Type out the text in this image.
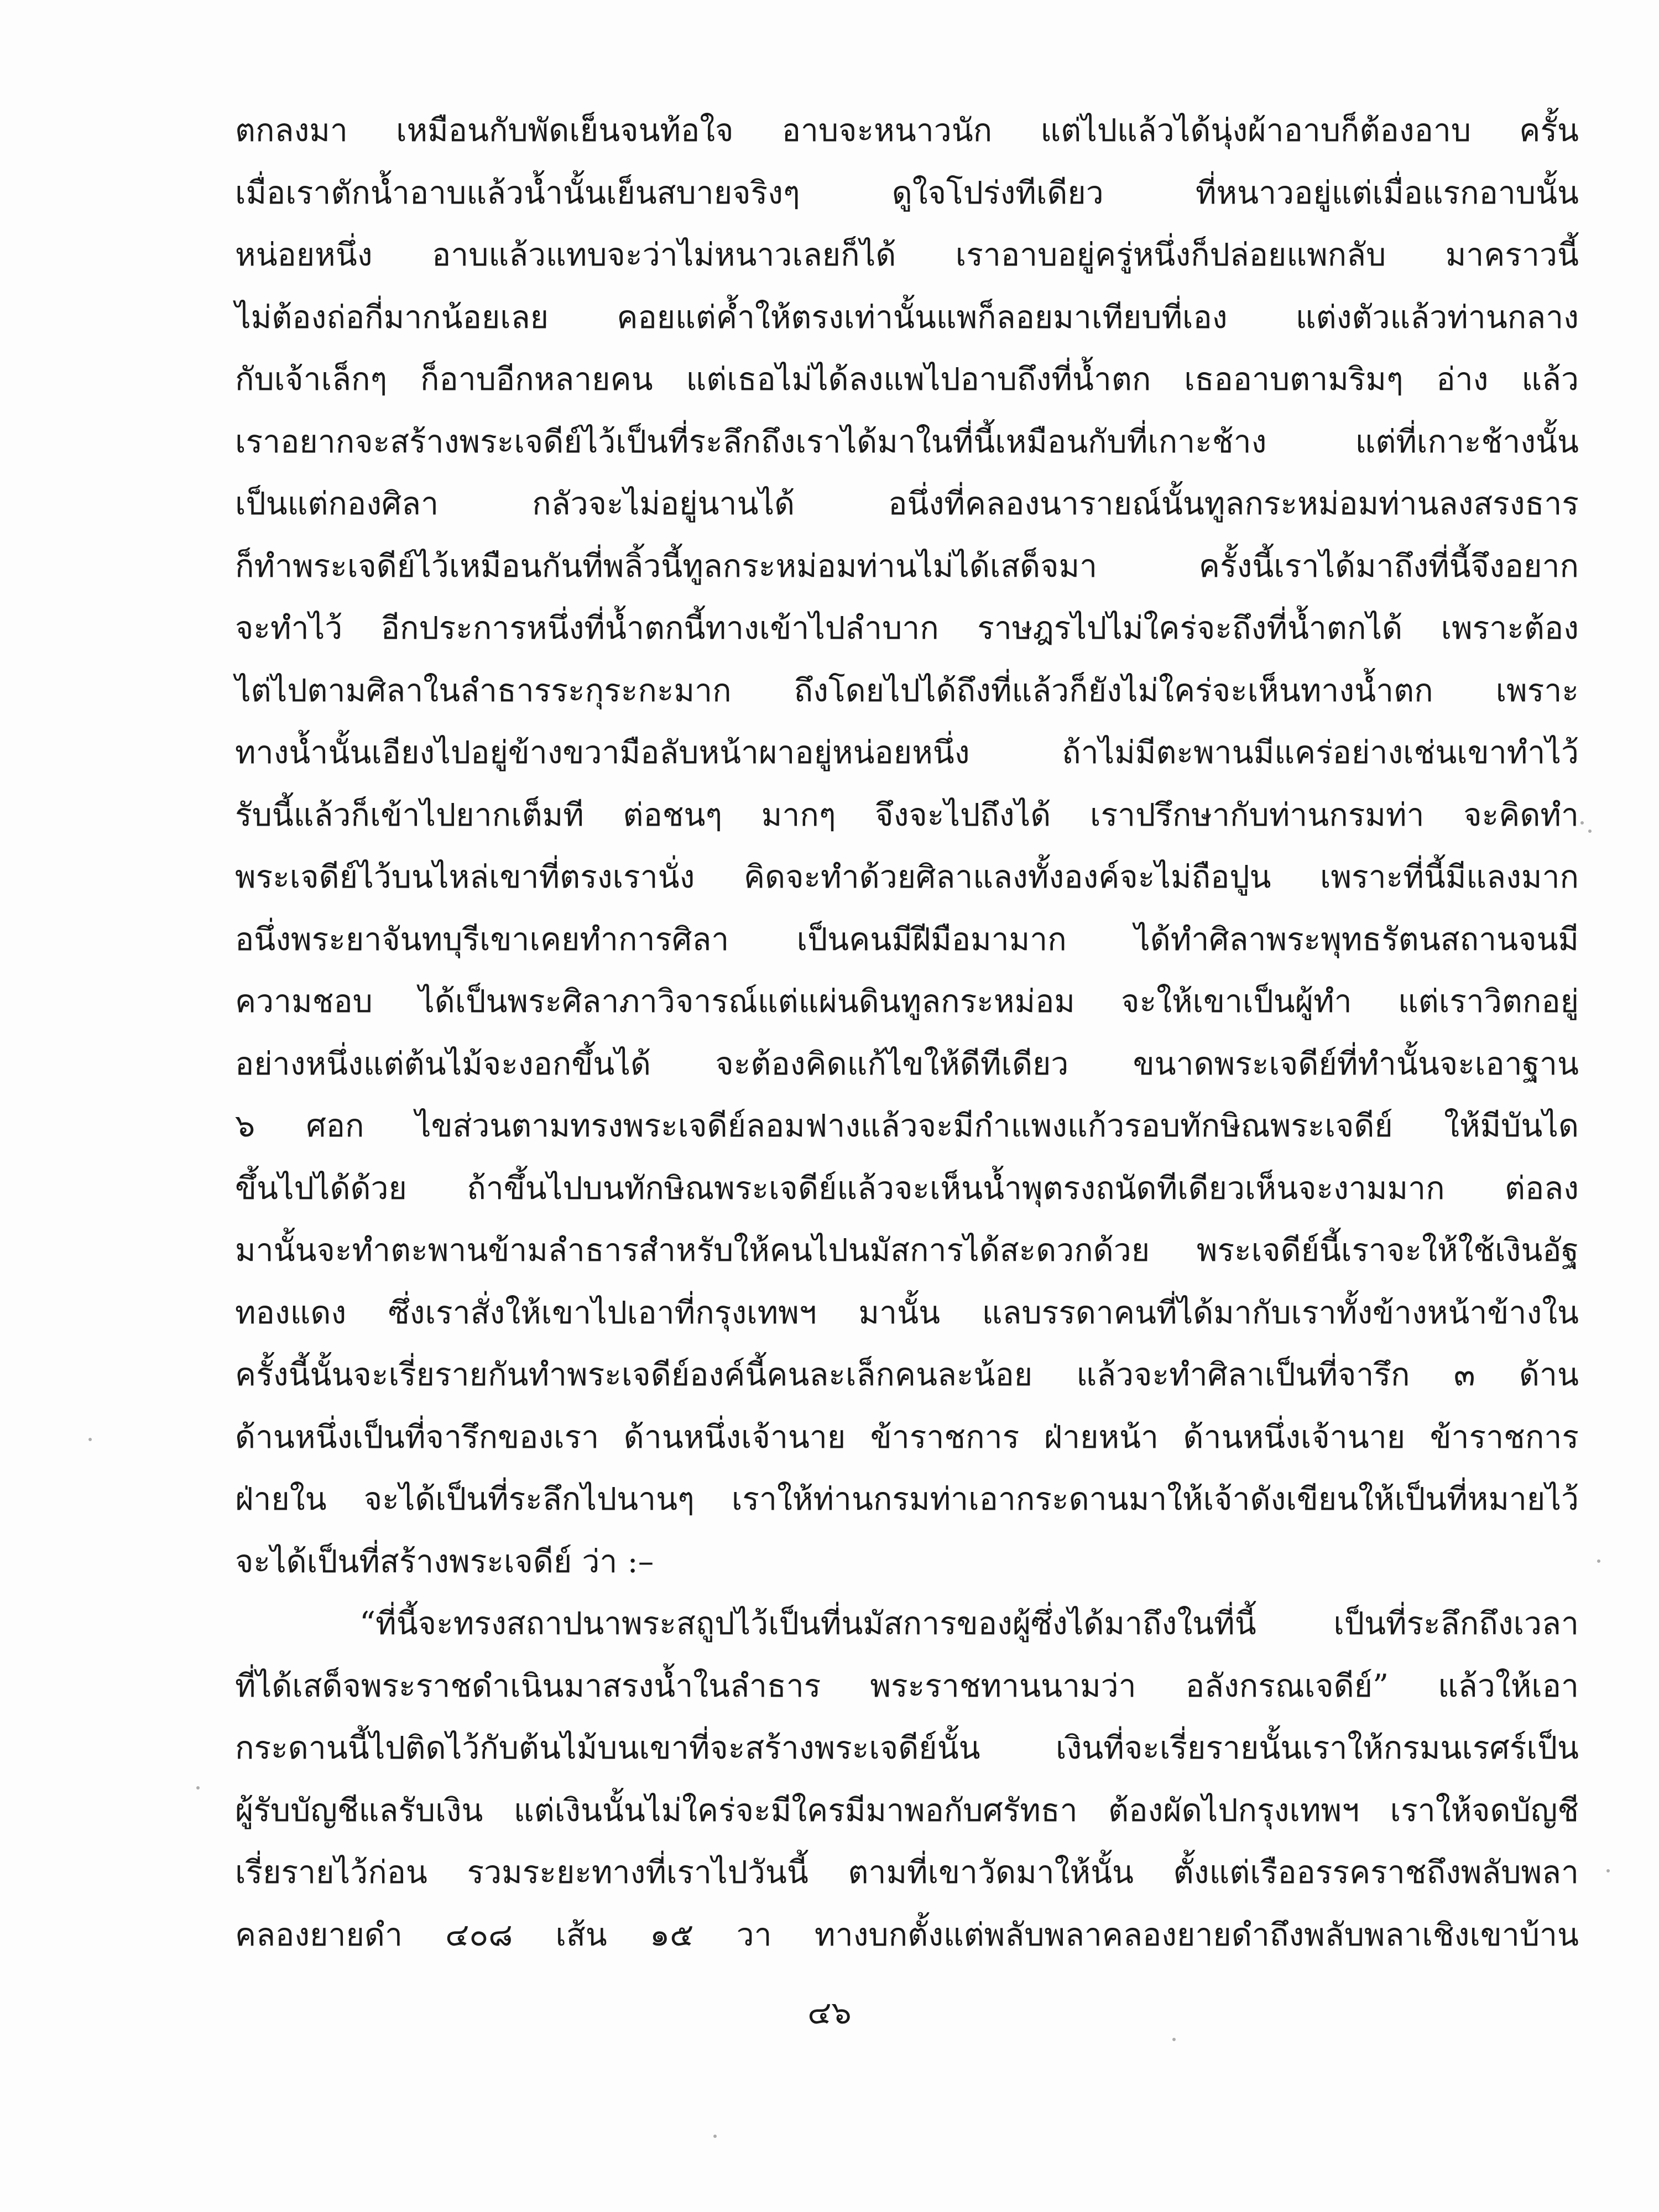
ตกลงมา เหมือนกับพัดเย็นจนท้อใจ อาบจะหนาวนัก แต่ไปแล้วได้นุ่งผ้าอาบก็ต้องอาบ ครั้น
เมื่อเราตักน้ำอาบแล้วน้ำนั้นเย็นสบายจริงๆ ดูใจโปร่งทีเดียว ที่หนาวอยู่แต่เมื่อแรกอาบนั้น
หน่อยหนึ่ง อาบแล้วแทบจะว่าไม่หนาวเลยก็ได้ เราอาบอยู่ครู่หนึ่งก็ปล่อยแพกลับ มาคราวนี้
ไม่ต้องถ่อกี่มากน้อยเลย คอยแต่ค้ำให้ตรงเท่านั้นแพก็ลอยมาเทียบที่เอง แต่งตัวแล้วท่านกลาง
กับเจ้าเล็กๆ ก็อาบอีกหลายคน แต่เธอไม่ได้ลงแพไปอาบถึงที่น้ำตก เธออาบตามริมๆ อ่าง แล้ว
เราอยากจะสร้างพระเจดีย์ไว้เป็นที่ระลึกถึงเราได้มาในที่นี้เหมือนกับที่เกาะช้าง แต่ที่เกาะช้างนั้น
เป็นแต่กองศิลา กลัวจะไม่อยู่นานได้ อนึ่งที่คลองนารายณ์นั้นทูลกระหม่อมท่านลงสรงธาร
ก็ทำพระเจดีย์ไว้เหมือนกันที่พลิ้วนี้ทูลกระหม่อมท่านไม่ได้เสด็จมา ครั้งนี้เราได้มาถึงที่นี้จึงอยาก
จะทำไว้ อีกประการหนึ่งที่น้ำตกนี้ทางเข้าไปลำบาก ราษฎรไปไม่ใคร่จะถึงที่น้ำตกได้ เพราะต้อง
ไต่ไปตามศิลาในลำธารระกุระกะมาก ถึงโดยไปได้ถึงที่แล้วก็ยังไม่ใคร่จะเห็นทางน้ำตก เพราะ
ทางน้ำนั้นเอียงไปอยู่ข้างขวามือลับหน้าผาอยู่หน่อยหนึ่ง ถ้าไม่มีตะพานมีแคร่อย่างเช่นเขาทำไว้
รับนี้แล้วก็เข้าไปยากเต็มที ต่อชนๆ มากๆ จึงจะไปถึงได้ เราปรึกษากับท่านกรมท่า จะคิดทำ
พระเจดีย์ไว้บนไหล่เขาที่ตรงเรานั่ง คิดจะทำด้วยศิลาแลงทั้งองค์จะไม่ถือปูน เพราะที่นี้มีแลงมาก
อนึ่งพระยาจันทบุรีเขาเคยทำการศิลา เป็นคนมีฝีมือมามาก ได้ทำศิลาพระพุทธรัตนสถานจนมี
ความชอบ ได้เป็นพระศิลาภาวิจารณ์แต่แผ่นดินทูลกระหม่อม จะให้เขาเป็นผู้ทำ แต่เราวิตกอยู่
อย่างหนึ่งแต่ต้นไม้จะงอกขึ้นได้ จะต้องคิดแก้ไขให้ดีทีเดียว ขนาดพระเจดีย์ที่ทำนั้นจะเอาฐาน
๖ ศอก ไขส่วนตามทรงพระเจดีย์ลอมฟางแล้วจะมีกำแพงแก้วรอบทักษิณพระเจดีย์ ให้มีบันได
ขึ้นไปได้ด้วย ถ้าขึ้นไปบนทักษิณพระเจดีย์แล้วจะเห็นน้ำพุตรงถนัดทีเดียวเห็นจะงามมาก ต่อลง
มานั้นจะทำตะพานข้ามลำธารสำหรับให้คนไปนมัสการได้สะดวกด้วย พระเจดีย์นี้เราจะให้ใช้เงินอัฐ
ทองแดง ซึ่งเราสั่งให้เขาไปเอาที่กรุงเทพฯ มานั้น แลบรรดาคนที่ได้มากับเราทั้งข้างหน้าข้างใน
ครั้งนี้นั้นจะเรี่ยรายกันทำพระเจดีย์องค์นี้คนละเล็กคนละน้อย แล้วจะทำศิลาเป็นที่จารึก ๓ ด้าน
ด้านหนึ่งเป็นที่จารึกของเรา ด้านหนึ่งเจ้านาย ข้าราชการ ฝ่ายหน้า ด้านหนึ่งเจ้านาย ข้าราชการ
ฝ่ายใน จะได้เป็นที่ระลึกไปนานๆ เราให้ท่านกรมท่าเอากระดานมาให้เจ้าดังเขียนให้เป็นที่หมายไว้
จะได้เป็นที่สร้างพระเจดีย์ ว่า :–
“ที่นี้จะทรงสถาปนาพระสถูปไว้เป็นที่นมัสการของผู้ซึ่งได้มาถึงในที่นี้ เป็นที่ระลึกถึงเวลา
ที่ได้เสด็จพระราชดำเนินมาสรงน้ำในลำธาร พระราชทานนามว่า อลังกรณเจดีย์” แล้วให้เอา
กระดานนี้ไปติดไว้กับต้นไม้บนเขาที่จะสร้างพระเจดีย์นั้น เงินที่จะเรี่ยรายนั้นเราให้กรมนเรศร์เป็น
ผู้รับบัญชีแลรับเงิน แต่เงินนั้นไม่ใคร่จะมีใครมีมาพอกับศรัทธา ต้องผัดไปกรุงเทพฯ เราให้จดบัญชี
เรี่ยรายไว้ก่อน รวมระยะทางที่เราไปวันนี้ ตามที่เขาวัดมาให้นั้น ตั้งแต่เรืออรรคราชถึงพลับพลา
คลองยายดำ ๔๐๘ เส้น ๑๕ วา ทางบกตั้งแต่พลับพลาคลองยายดำถึงพลับพลาเชิงเขาบ้าน
๔๖
